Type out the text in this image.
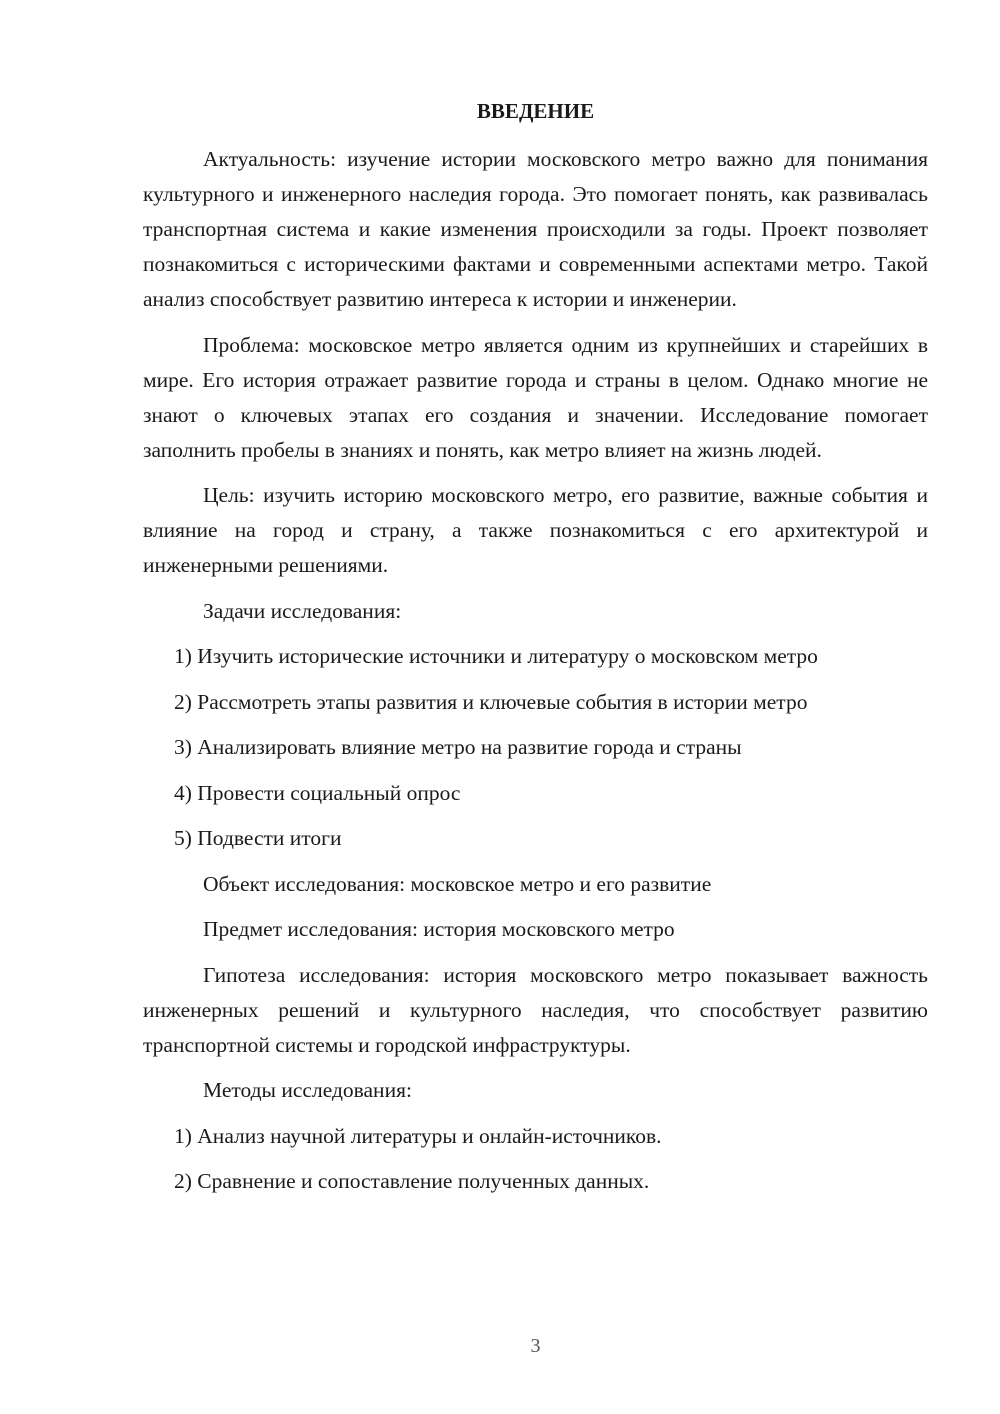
ВВЕДЕНИЕ

Актуальность: изучение истории московского метро важно для понимания культурного и инженерного наследия города. Это помогает понять, как развивалась транспортная система и какие изменения происходили за годы. Проект позволяет познакомиться с историческими фактами и современными аспектами метро. Такой анализ способствует развитию интереса к истории и инженерии.

Проблема: московское метро является одним из крупнейших и старейших в мире. Его история отражает развитие города и страны в целом. Однако многие не знают о ключевых этапах его создания и значении. Исследование помогает заполнить пробелы в знаниях и понять, как метро влияет на жизнь людей.

Цель: изучить историю московского метро, его развитие, важные события и влияние на город и страну, а также познакомиться с его архитектурой и инженерными решениями.

Задачи исследования:

1) Изучить исторические источники и литературу о московском метро

2) Рассмотреть этапы развития и ключевые события в истории метро

3) Анализировать влияние метро на развитие города и страны

4) Провести социальный опрос

5) Подвести итоги

Объект исследования: московское метро и его развитие

Предмет исследования: история московского метро

Гипотеза исследования: история московского метро показывает важность инженерных решений и культурного наследия, что способствует развитию транспортной системы и городской инфраструктуры.

Методы исследования:

1) Анализ научной литературы и онлайн-источников.

2) Сравнение и сопоставление полученных данных.

3
